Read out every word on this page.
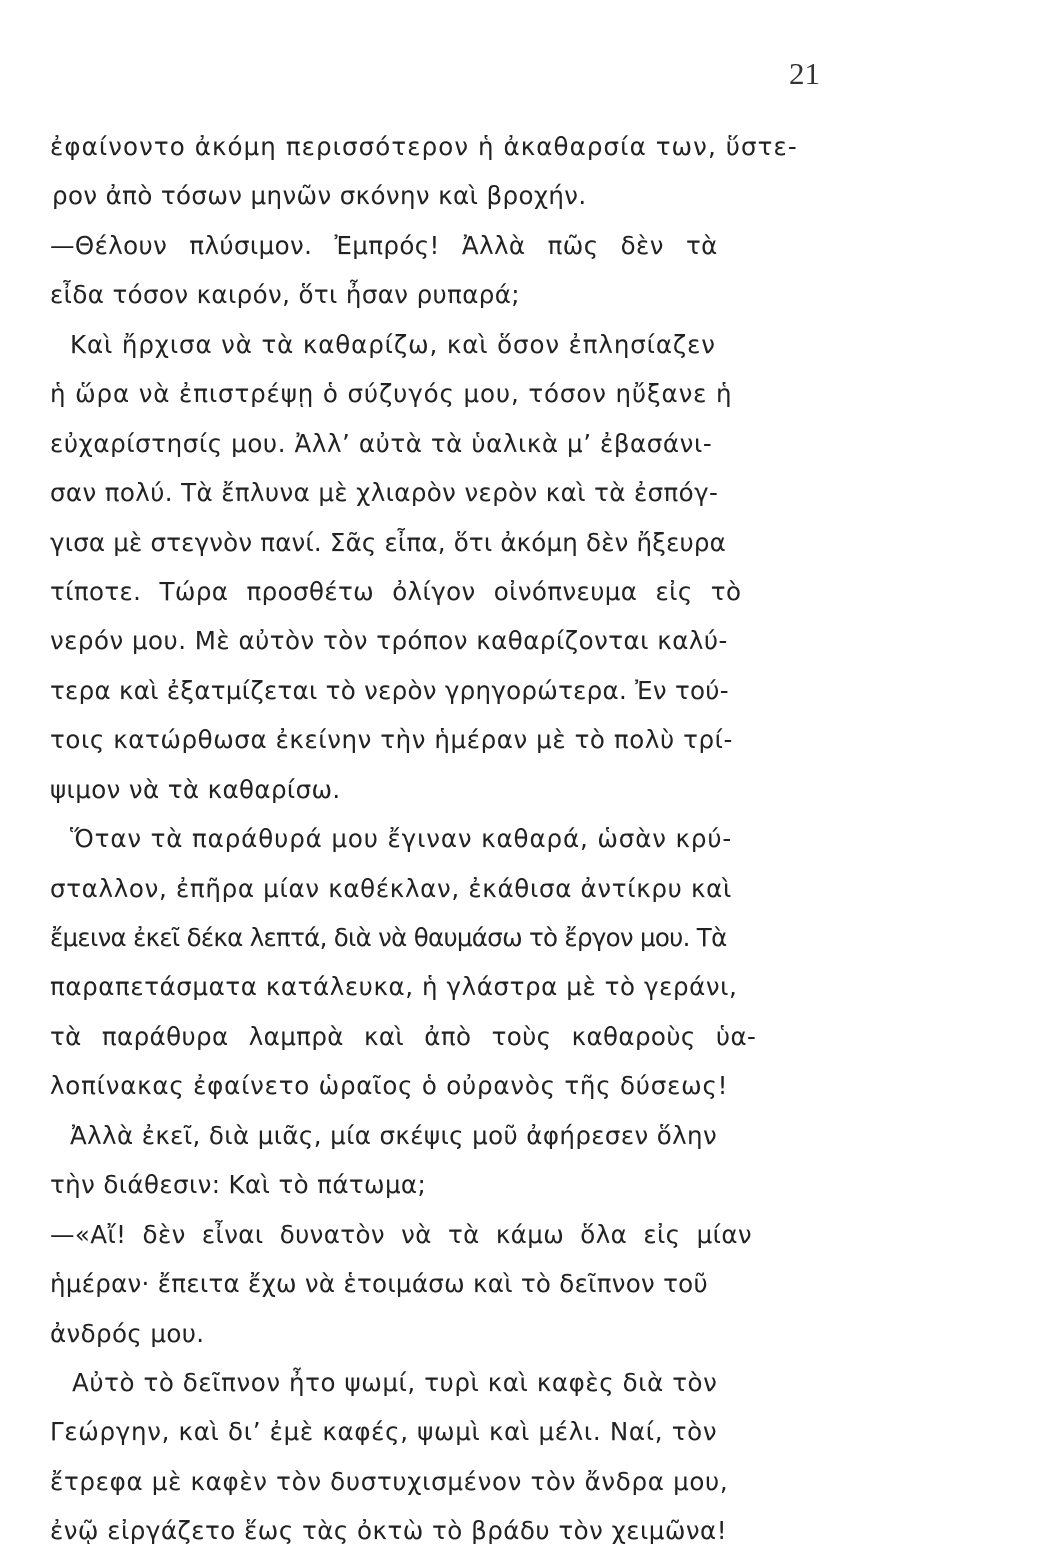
21
ἐφαίνοντο ἀκόμη περισσότερον ἡ ἀκαθαρσία των, ὕστε-
ρον ἀπὸ τόσων μηνῶν σκόνην καὶ βροχήν.
—Θέλουν πλύσιμον. Ἐμπρός! Ἀλλὰ πῶς δὲν τὰ
εἶδα τόσον καιρόν, ὅτι ἦσαν ρυπαρά;
Καὶ ἤρχισα νὰ τὰ καθαρίζω, καὶ ὅσον ἐπλησίαζεν
ἡ ὥρα νὰ ἐπιστρέψῃ ὁ σύζυγός μου, τόσον ηὔξανε ἡ
εὐχαρίστησίς μου. Ἀλλ’ αὐτὰ τὰ ὑαλικὰ μ’ ἐβασάνι-
σαν πολύ. Τὰ ἔπλυνα μὲ χλιαρὸν νερὸν καὶ τὰ ἐσπόγ-
γισα μὲ στεγνὸν πανί. Σᾶς εἶπα, ὅτι ἀκόμη δὲν ἤξευρα
τίποτε. Τώρα προσθέτω ὀλίγον οἰνόπνευμα εἰς τὸ
νερόν μου. Μὲ αὐτὸν τὸν τρόπον καθαρίζονται καλύ-
τερα καὶ ἐξατμίζεται τὸ νερὸν γρηγορώτερα. Ἐν τού-
τοις κατώρθωσα ἐκείνην τὴν ἡμέραν μὲ τὸ πολὺ τρί-
ψιμον νὰ τὰ καθαρίσω.
Ὅταν τὰ παράθυρά μου ἔγιναν καθαρά, ὡσὰν κρύ-
σταλλον, ἐπῆρα μίαν καθέκλαν, ἐκάθισα ἀντίκρυ καὶ
ἔμεινα ἐκεῖ δέκα λεπτά, διὰ νὰ θαυμάσω τὸ ἔργον μου. Τὰ
παραπετάσματα κατάλευκα, ἡ γλάστρα μὲ τὸ γεράνι,
τὰ παράθυρα λαμπρὰ καὶ ἀπὸ τοὺς καθαροὺς ὑα-
λοπίνακας ἐφαίνετο ὡραῖος ὁ οὐρανὸς τῆς δύσεως!
Ἀλλὰ ἐκεῖ, διὰ μιᾶς, μία σκέψις μοῦ ἀφήρεσεν ὅλην
τὴν διάθεσιν: Καὶ τὸ πάτωμα;
—«Αἴ! δὲν εἶναι δυνατὸν νὰ τὰ κάμω ὅλα εἰς μίαν
ἡμέραν· ἔπειτα ἔχω νὰ ἑτοιμάσω καὶ τὸ δεῖπνον τοῦ
ἀνδρός μου.
Αὐτὸ τὸ δεῖπνον ἦτο ψωμί, τυρὶ καὶ καφὲς διὰ τὸν
Γεώργην, καὶ δι’ ἐμὲ καφές, ψωμὶ καὶ μέλι. Ναί, τὸν
ἔτρεφα μὲ καφὲν τὸν δυστυχισμένον τὸν ἄνδρα μου,
ἐνῷ εἰργάζετο ἕως τὰς ὀκτὼ τὸ βράδυ τὸν χειμῶνα!
